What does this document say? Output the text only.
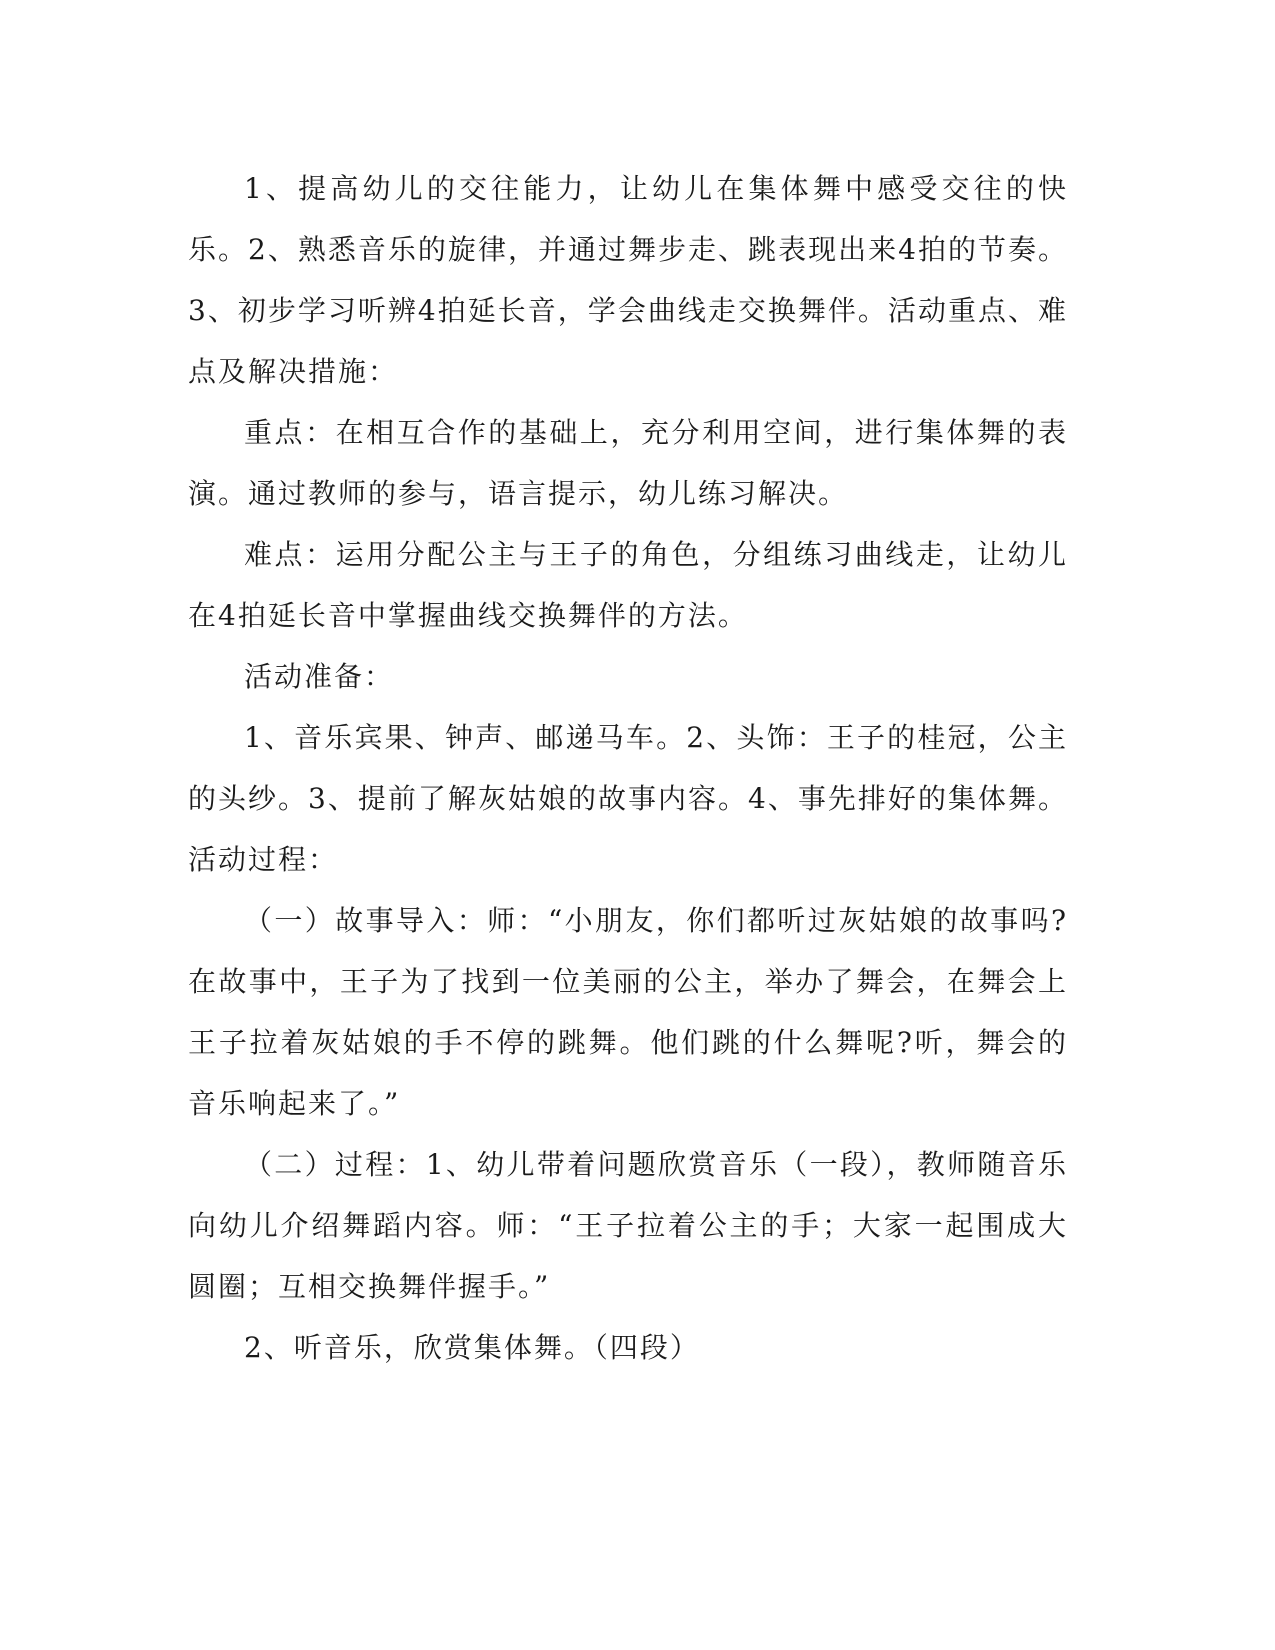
1、提高幼儿的交往能力，让幼儿在集体舞中感受交往的快乐。2、熟悉音乐的旋律，并通过舞步走、跳表现出来4拍的节奏。3、初步学习听辨4拍延长音，学会曲线走交换舞伴。活动重点、难点及解决措施：

重点：在相互合作的基础上，充分利用空间，进行集体舞的表演。通过教师的参与，语言提示，幼儿练习解决。

难点：运用分配公主与王子的角色，分组练习曲线走，让幼儿在4拍延长音中掌握曲线交换舞伴的方法。

活动准备：

1、音乐宾果、钟声、邮递马车。2、头饰：王子的桂冠，公主的头纱。3、提前了解灰姑娘的故事内容。4、事先排好的集体舞。活动过程：

（一）故事导入：师：“小朋友，你们都听过灰姑娘的故事吗?在故事中，王子为了找到一位美丽的公主，举办了舞会，在舞会上王子拉着灰姑娘的手不停的跳舞。他们跳的什么舞呢?听，舞会的音乐响起来了。”

（二）过程：1、幼儿带着问题欣赏音乐（一段），教师随音乐向幼儿介绍舞蹈内容。师：“王子拉着公主的手；大家一起围成大圆圈；互相交换舞伴握手。”

2、听音乐，欣赏集体舞。（四段）
